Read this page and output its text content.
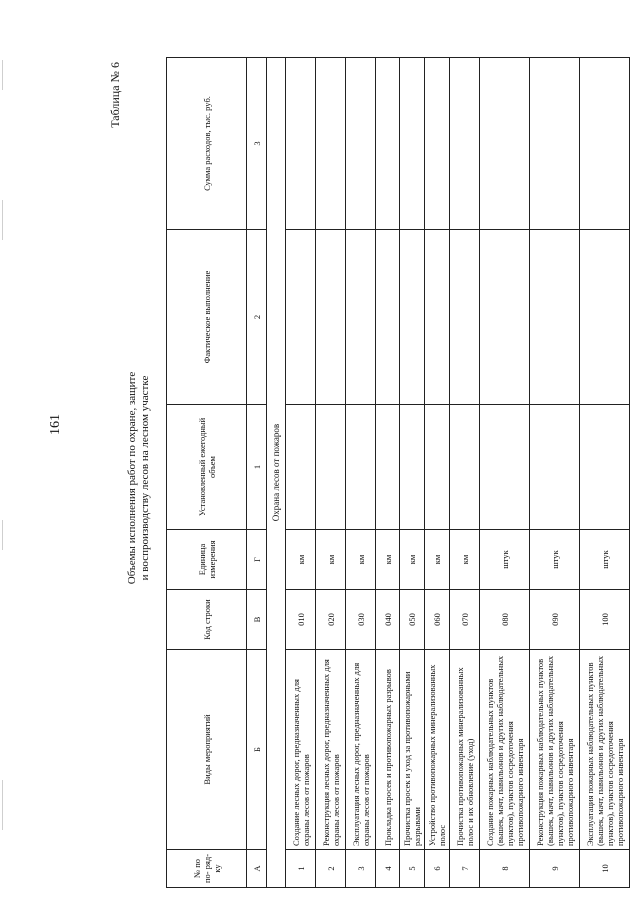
161
Таблица № 6
Объемы исполнения работ по охране, защите и воспроизводству лесов на лесном участке
№ по по- ряд- ку	Виды мероприятий	Код строки	Единица измерения	Установленный ежегодный объем	Фактическое выполнение	Сумма расходов, тыс. руб.
А	Б	В	Г	1	2	3
Охрана лесов от пожаров						
1	Создание лесных дорог, предназначенных для охраны лесов от пожаров	010	км			
2	Реконструкция лесных дорог, предназначенных для охраны лесов от пожаров	020	км			
3	Эксплуатация лесных дорог, предназначенных для охраны лесов от пожаров	030	км			
4	Прокладка просек и противопожарных разрывов	040	км			
5	Прочистка просек и уход за противопожарными разрывами	050	км			
6	Устройство противопожарных минерализованных полос	060	км			
7	Прочистка противопожарных минерализованных полос и их обновление (уход)	070	км			
8	Создание пожарных наблюдательных пунктов (вышек, мачт, павильонов и других наблюдательных пунктов), пунктов сосредоточения противопожарного инвентаря	080	штук			
9	Реконструкция пожарных наблюдательных пунктов (вышек, мачт, павильонов и других наблюдательных пунктов), пунктов сосредоточения противопожарного инвентаря	090	штук			
10	Эксплуатация пожарных наблюдательных пунктов (вышек, мачт, павильонов и других наблюдательных пунктов), пунктов сосредоточения противопожарного инвентаря	100	штук			
